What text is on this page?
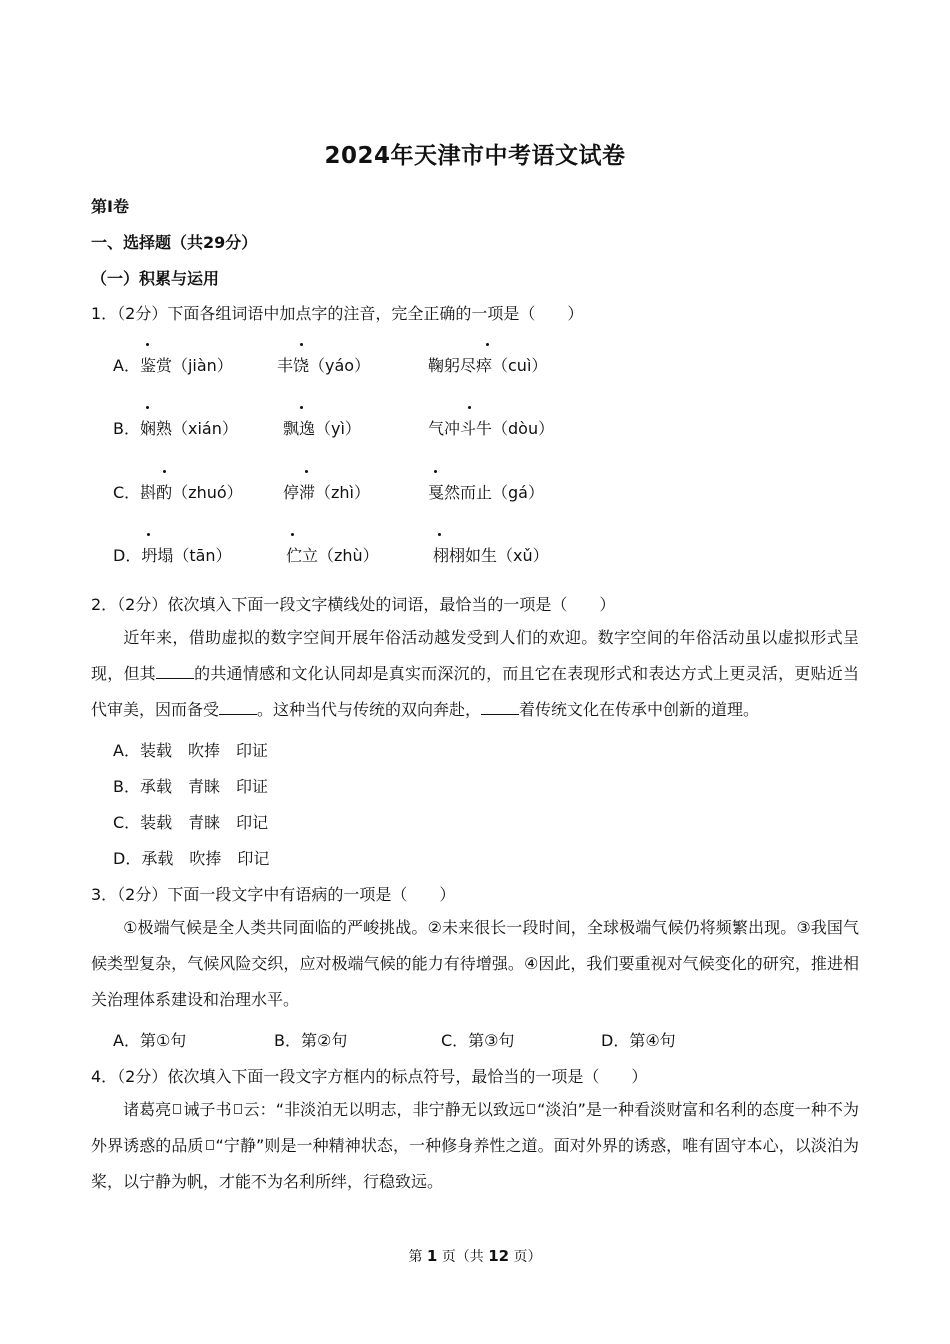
2024年天津市中考语文试卷
第Ⅰ卷
一、选择题（共29分）
（一）积累与运用
1．（2分）下面各组词语中加点字的注音，完全正确的一项是（　　）
A．鉴赏（jiàn）	丰饶（yáo）	鞠躬尽瘁（cuì）
B．娴熟（xián）	飘逸（yì）	气冲斗牛（dòu）
C．斟酌（zhuó）	停滞（zhì）	戛然而止（gá）
D．坍塌（tān）	伫立（zhù）	栩栩如生（xǔ）
2．（2分）依次填入下面一段文字横线处的词语，最恰当的一项是（　　）
近年来，借助虚拟的数字空间开展年俗活动越发受到人们的欢迎。数字空间的年俗活动虽以虚拟形式呈现，但其 的共通情感和文化认同却是真实而深沉的，而且它在表现形式和表达方式上更灵活，更贴近当代审美，因而备受 。这种当代与传统的双向奔赴， 着传统文化在传承中创新的道理。
A．装载　吹捧　印证
B．承载　青睐　印证
C．装载　青睐　印记
D．承载　吹捧　印记
3．（2分）下面一段文字中有语病的一项是（　　）
①极端气候是全人类共同面临的严峻挑战。②未来很长一段时间，全球极端气候仍将频繁出现。③我国气候类型复杂，气候风险交织，应对极端气候的能力有待增强。④因此，我们要重视对气候变化的研究，推进相关治理体系建设和治理水平。
A．第①句	B．第②句	C．第③句	D．第④句
4．（2分）依次填入下面一段文字方框内的标点符号，最恰当的一项是（　　）
诸葛亮 诫子书 云：“非淡泊无以明志，非宁静无以致远 “淡泊”是一种看淡财富和名利的态度一种不为外界诱惑的品质 “宁静”则是一种精神状态，一种修身养性之道。面对外界的诱惑，唯有固守本心，以淡泊为桨，以宁静为帆，才能不为名利所绊，行稳致远。
第 1 页（共 12 页）
